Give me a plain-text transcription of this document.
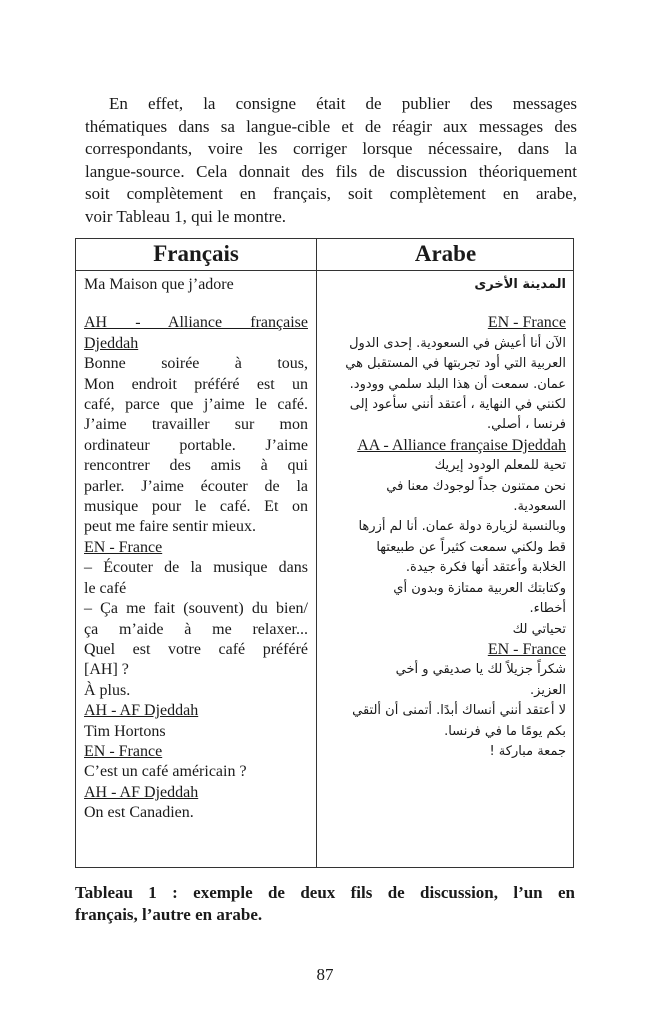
En effet, la consigne était de publier des messages
thématiques dans sa langue-cible et de réagir aux messages des
correspondants, voire les corriger lorsque nécessaire, dans la
langue-source. Cela donnait des fils de discussion théoriquement
soit complètement en français, soit complètement en arabe,
voir Tableau 1, qui le montre.
Français	Arabe
Ma Maison que j’adore
AH - Alliance française
Djeddah
Bonne soirée à tous,
Mon endroit préféré est un
café, parce que j’aime le café.
J’aime travailler sur mon
ordinateur portable. J’aime
rencontrer des amis à qui
parler. J’aime écouter de la
musique pour le café. Et on
peut me faire sentir mieux.
EN - France
– Écouter de la musique dans
le café
– Ça me fait (souvent) du bien/
ça m’aide à me relaxer...
Quel est votre café préféré
[AH] ?
À plus.
AH - AF Djeddah
Tim Hortons
EN - France
C’est un café américain ?
AH - AF Djeddah
On est Canadien.
المدينة الأخرى
EN - France
الآن أنا أعيش في السعودية. إحدى الدول
العربية التي أود تجربتها في المستقبل هي
عمان. سمعت أن هذا البلد سلمي وودود.
لكنني في النهاية ، أعتقد أنني سأعود إلى
فرنسا ، أصلي.
AA - Alliance française Djeddah
تحية للمعلم الودود إيريك
نحن ممتنون جداً لوجودك معنا في
السعودية.
وبالنسبة لزيارة دولة عمان. أنا لم أزرها
قط ولكني سمعت كثيراً عن طبيعتها
الخلابة وأعتقد أنها فكرة جيدة.
وكتابتك العربية ممتازة وبدون أي
أخطاء.
تحياتي لك
EN - France
شكراً جزيلاً لك يا صديقي و أخي
العزيز.
لا أعتقد أنني أنساك أبدًا. أتمنى أن ألتقي
بكم يومًا ما في فرنسا.
جمعة مباركة !
Tableau 1 : exemple de deux fils de discussion, l’un en
français, l’autre en arabe.
87
